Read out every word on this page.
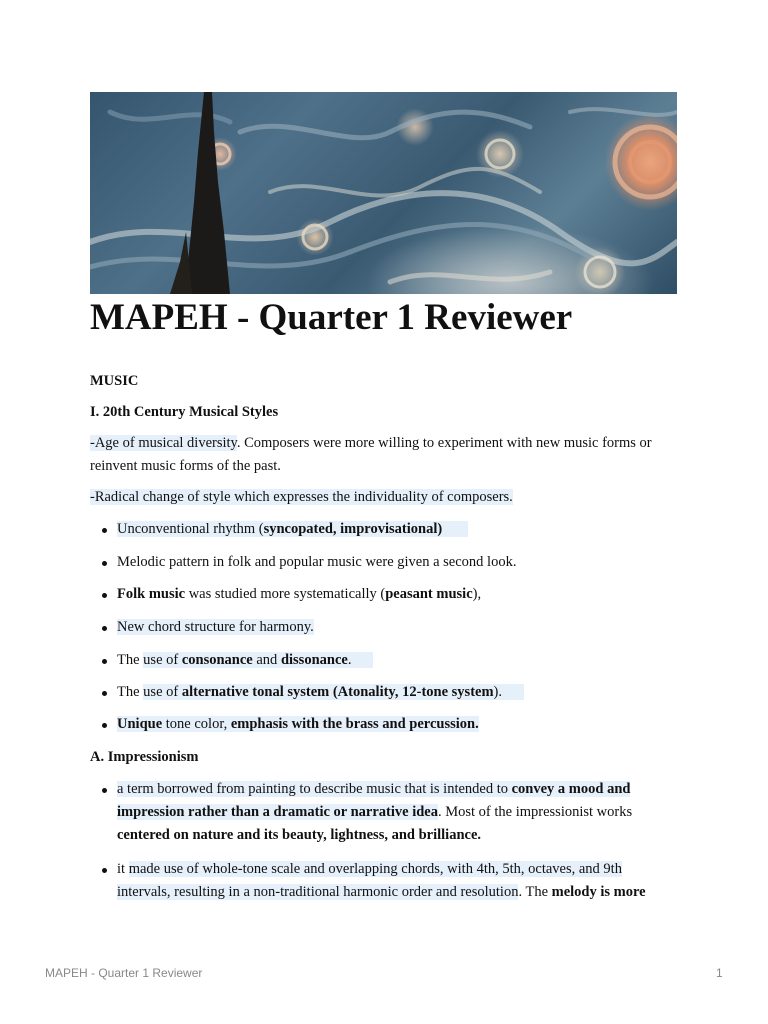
MAPEH - Quarter 1 Reviewer

MUSIC

I. 20th Century Musical Styles

-Age of musical diversity. Composers were more willing to experiment with new music forms or reinvent music forms of the past.

-Radical change of style which expresses the individuality of composers.

Unconventional rhythm (syncopated, improvisational)

Melodic pattern in folk and popular music were given a second look.

Folk music was studied more systematically (peasant music),

New chord structure for harmony.

The use of consonance and dissonance.

The use of alternative tonal system (Atonality, 12-tone system).

Unique tone color, emphasis with the brass and percussion.

A. Impressionism

a term borrowed from painting to describe music that is intended to convey a mood and impression rather than a dramatic or narrative idea. Most of the impressionist works centered on nature and its beauty, lightness, and brilliance.

it made use of whole-tone scale and overlapping chords, with 4th, 5th, octaves, and 9th intervals, resulting in a non-traditional harmonic order and resolution. The melody is more

MAPEH - Quarter 1 Reviewer	1
